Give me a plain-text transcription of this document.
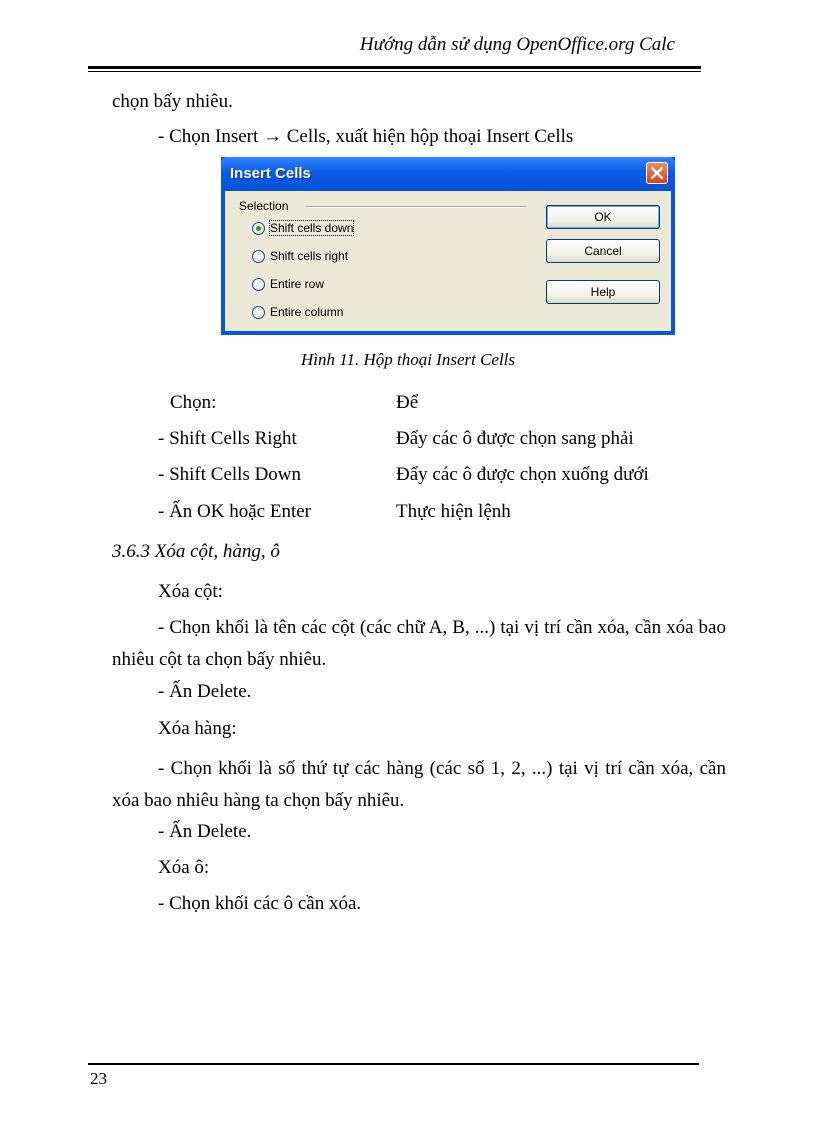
Hướng dẫn sử dụng OpenOffice.org Calc
chọn bấy nhiêu.
- Chọn Insert → Cells, xuất hiện hộp thoại Insert Cells
Insert Cells
Selection
Shift cells down
Shift cells right
Entire row
Entire column
OK
Cancel
Help
Hình 11. Hộp thoại Insert Cells
Chọn:	Để
- Shift Cells Right	Đẩy các ô được chọn sang phải
- Shift Cells Down	Đẩy các ô được chọn xuống dưới
- Ấn OK hoặc Enter	Thực hiện lệnh
3.6.3 Xóa cột, hàng, ô
Xóa cột:
- Chọn khối là tên các cột (các chữ A, B, ...) tại vị trí cần xóa, cần xóa bao nhiêu cột ta chọn bấy nhiêu.
- Ấn Delete.
Xóa hàng:
- Chọn khối là số thứ tự các hàng (các số 1, 2, ...) tại vị trí cần xóa, cần xóa bao nhiêu hàng ta chọn bấy nhiêu.
- Ấn Delete.
Xóa ô:
- Chọn khối các ô cần xóa.
23
